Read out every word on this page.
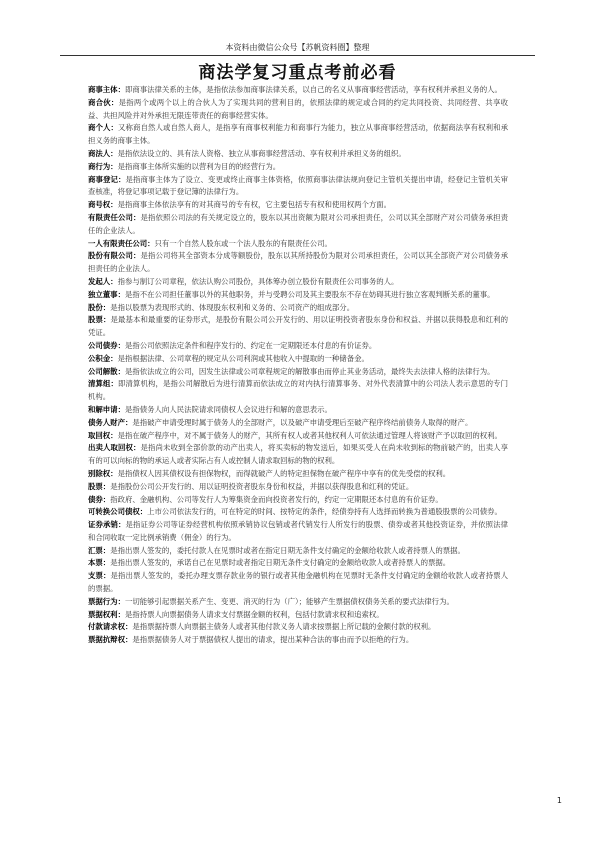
本资料由微信公众号【苏帆资料圈】整理
商法学复习重点考前必看

商事主体：即商事法律关系的主体，是指依法参加商事法律关系，以自己的名义从事商事经营活动，享有权利并承担义务的人。

商合伙：是指两个或两个以上的合伙人为了实现共同的营利目的，依照法律的规定或合同的约定共同投资、共同经营、共享收益、共担风险并对外承担无限连带责任的商事经营实体。

商个人：又称商自然人或自然人商人，是指享有商事权利能力和商事行为能力，独立从事商事经营活动，依据商法享有权利和承担义务的商事主体。

商法人：是指依法设立的、具有法人资格、独立从事商事经营活动、享有权利并承担义务的组织。

商行为：是指商事主体所实施的以营利为目的的经营行为。

商事登记：是指商事主体为了设立、变更或终止商事主体资格，依照商事法律法规向登记主管机关提出申请，经登记主管机关审查核准，将登记事项记载于登记簿的法律行为。

商号权：是指商事主体依法享有的对其商号的专有权，它主要包括专有权和使用权两个方面。

有限责任公司：是指依照公司法的有关规定设立的，股东以其出资额为限对公司承担责任，公司以其全部财产对公司债务承担责任的企业法人。

一人有限责任公司：只有一个自然人股东或一个法人股东的有限责任公司。

股份有限公司：是指公司将其全部资本分成等额股份，股东以其所持股份为限对公司承担责任，公司以其全部资产对公司债务承担责任的企业法人。

发起人：指参与制订公司章程，依法认购公司股份，具体筹办创立股份有限责任公司事务的人。

独立董事：是指不在公司担任董事以外的其他职务，并与受聘公司及其主要股东不存在妨碍其进行独立客观判断关系的董事。

股份：是指以股票为表现形式的、体现股东权利和义务的、公司资产的组成部分。

股票：是最基本和最重要的证券形式，是股份有限公司公开发行的、用以证明投资者股东身份和权益、并据以获得股息和红利的凭证。

公司债券：是指公司依照法定条件和程序发行的、约定在一定期限还本付息的有价证券。

公积金：是指根据法律、公司章程的规定从公司利润或其他收入中提取的一种储备金。

公司解散：是指依法成立的公司，因发生法律或公司章程规定的解散事由而停止其业务活动，最终失去法律人格的法律行为。

清算组：即清算机构，是指公司解散后为进行清算而依法成立的对内执行清算事务、对外代表清算中的公司法人表示意思的专门机构。

和解申请：是指债务人向人民法院请求同债权人会议进行和解的意思表示。

债务人财产：是指破产申请受理时属于债务人的全部财产，以及破产申请受理后至破产程序终结前债务人取得的财产。

取回权：是指在破产程序中，对不属于债务人的财产，其所有权人或者其他权利人可依法通过管理人将该财产予以取回的权利。

出卖人取回权：是指尚未收到全部价款的动产出卖人，将买卖标的物发送后，如果买受人在尚未收到标的物前破产的，出卖人享有的可以向标的物的承运人或者实际占有人或控制人请求取回标的物的权利。

别除权：是指债权人因其债权设有担保物权，而得就破产人的特定担保物在破产程序中享有的优先受偿的权利。

股票：是指股份公司公开发行的、用以证明投资者股东身份和权益，并据以获得股息和红利的凭证。

债券：指政府、金融机构、公司等发行人为筹集资金而向投资者发行的，约定一定期限还本付息的有价证券。

可转换公司债权：上市公司依法发行的，可在特定的时间、按特定的条件，经债券持有人选择而转换为普通股股票的公司债券。

证券承销：是指证券公司等证券经营机构依照承销协议包销或者代销发行人所发行的股票、债券或者其他投资证券，并依照法律和合同收取一定比例承销费（佣金）的行为。

汇票：是指出票人签发的，委托付款人在见票时或者在指定日期无条件支付确定的金额给收款人或者持票人的票据。

本票：是指出票人签发的，承诺自己在见票时或者指定日期无条件支付确定的金额给收款人或者持票人的票据。

支票：是指出票人签发的，委托办理支票存款业务的银行或者其他金融机构在见票时无条件支付确定的金额给收款人或者持票人的票据。

票据行为：一切能够引起票据关系产生、变更、消灭的行为（广）；能够产生票据债权债务关系的要式法律行为。

票据权利：是指持票人向票据债务人请求支付票据金额的权利，包括付款请求权和追索权。

付款请求权：是指票据持票人向票据主债务人或者其他付款义务人请求按票据上所记载的金额付款的权利。

票据抗辩权：是指票据债务人对于票据债权人提出的请求，提出某种合法的事由而予以拒绝的行为。

1
